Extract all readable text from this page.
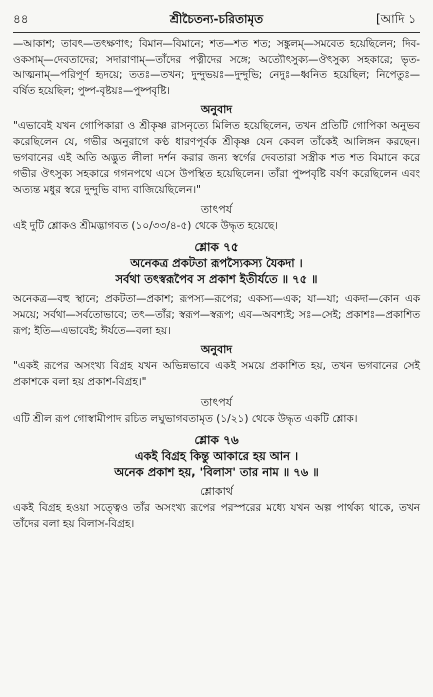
৪৪	শ্রীচৈতন্য-চরিতামৃত	[আদি ১

—আকাশ; তাবৎ—তৎক্ষণাৎ; বিমান—বিমানে; শত—শত শত; সঙ্কুলম্—সমবেত হয়েছিলেন; দিব-ওকসাম্—দেবতাদের; সদারাণাম্—তাঁদের পত্নীদের সঙ্গে; অত্যৌৎসুক্য—ঔৎসুক্য সহকারে; ভৃত-আত্মনাম্—পরিপূর্ণ হৃদয়ে; ততঃ—তখন; দুন্দুভয়ঃ—দুন্দুভি; নেদুঃ—ধ্বনিত হয়েছিল; নিপেতুঃ—বর্ষিত হয়েছিল; পুষ্প-বৃষ্টয়ঃ—পুষ্পবৃষ্টি।

অনুবাদ

"এভাবেই যখন গোপিকারা ও শ্রীকৃষ্ণ রাসনৃত্যে মিলিত হয়েছিলেন, তখন প্রতিটি গোপিকা অনুভব করেছিলেন যে, গভীর অনুরাগে কণ্ঠ ধারণপূর্বক শ্রীকৃষ্ণ যেন কেবল তাঁকেই আলিঙ্গন করছেন। ভগবানের এই অতি অদ্ভুত লীলা দর্শন করার জন্য স্বর্গের দেবতারা সস্ত্রীক শত শত বিমানে করে গভীর ঔৎসুক্য সহকারে গগনপথে এসে উপস্থিত হয়েছিলেন। তাঁরা পুষ্পবৃষ্টি বর্ষণ করেছিলেন এবং অত্যন্ত মধুর স্বরে দুন্দুভি বাদ্য বাজিয়েছিলেন।"

তাৎপর্য

এই দুটি শ্লোকও শ্রীমদ্ভাগবত (১০/৩৩/৪-৫) থেকে উদ্ধৃত হয়েছে।

শ্লোক ৭৫
অনেকত্র প্রকটতা রূপস্যৈকস্য যৈকদা ।
সর্বথা তৎস্বরূপৈব স প্রকাশ ইতীর্যতে ॥ ৭৫ ॥

অনেকত্র—বহু স্থানে; প্রকটতা—প্রকাশ; রূপস্য—রূপের; একস্য—এক; যা—যা; একদা—কোন এক সময়ে; সর্বথা—সর্বতোভাবে; তৎ—তাঁর; স্বরূপ—স্বরূপ; এব—অবশ্যই; সঃ—সেই; প্রকাশঃ—প্রকাশিত রূপ; ইতি—এভাবেই; ঈর্যতে—বলা হয়।

অনুবাদ

"একই রূপের অসংখ্য বিগ্রহ যখন অভিন্নভাবে একই সময়ে প্রকাশিত হয়, তখন ভগবানের সেই প্রকাশকে বলা হয় প্রকাশ-বিগ্রহ।"

তাৎপর্য

এটি শ্রীল রূপ গোস্বামীপাদ রচিত লঘুভাগবতামৃত (১/২১) থেকে উদ্ধৃত একটি শ্লোক।

শ্লোক ৭৬
একই বিগ্রহ কিন্তু আকারে হয় আন ।
অনেক প্রকাশ হয়, 'বিলাস' তার নাম ॥ ৭৬ ॥
শ্লোকার্থ

একই বিগ্রহ হওয়া সত্ত্বেও তাঁর অসংখ্য রূপের পরস্পরের মধ্যে যখন অল্প পার্থক্য থাকে, তখন তাঁদের বলা হয় বিলাস-বিগ্রহ।
